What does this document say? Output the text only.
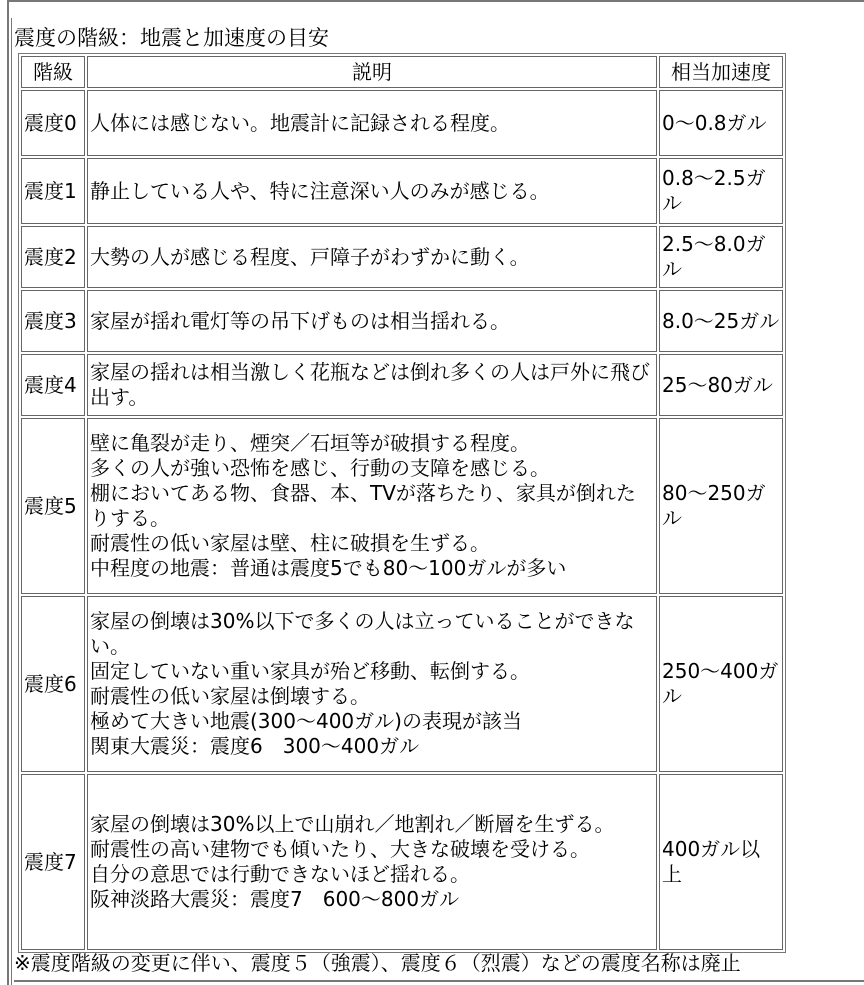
震度の階級：地震と加速度の目安
階級	説明	相当加速度
震度0	人体には感じない。地震計に記録される程度。	0〜0.8ガル
震度1	静止している人や、特に注意深い人のみが感じる。	0.8〜2.5ガル
震度2	大勢の人が感じる程度、戸障子がわずかに動く。	2.5〜8.0ガル
震度3	家屋が揺れ電灯等の吊下げものは相当揺れる。	8.0〜25ガル
震度4	家屋の揺れは相当激しく花瓶などは倒れ多くの人は戸外に飛び出す。	25〜80ガル
震度5	壁に亀裂が走り、煙突／石垣等が破損する程度。
多くの人が強い恐怖を感じ、行動の支障を感じる。
棚においてある物、食器、本、TVが落ちたり、家具が倒れたりする。
耐震性の低い家屋は壁、柱に破損を生ずる。
中程度の地震：普通は震度5でも80〜100ガルが多い	80〜250ガル
震度6	家屋の倒壊は30%以下で多くの人は立っていることができない。
固定していない重い家具が殆ど移動、転倒する。
耐震性の低い家屋は倒壊する。
極めて大きい地震(300〜400ガル)の表現が該当
関東大震災：震度6　300〜400ガル	250〜400ガル
震度7	家屋の倒壊は30%以上で山崩れ／地割れ／断層を生ずる。
耐震性の高い建物でも傾いたり、大きな破壊を受ける。
自分の意思では行動できないほど揺れる。
阪神淡路大震災：震度7　600〜800ガル	400ガル以上
※震度階級の変更に伴い、震度５（強震）、震度６（烈震）などの震度名称は廃止
